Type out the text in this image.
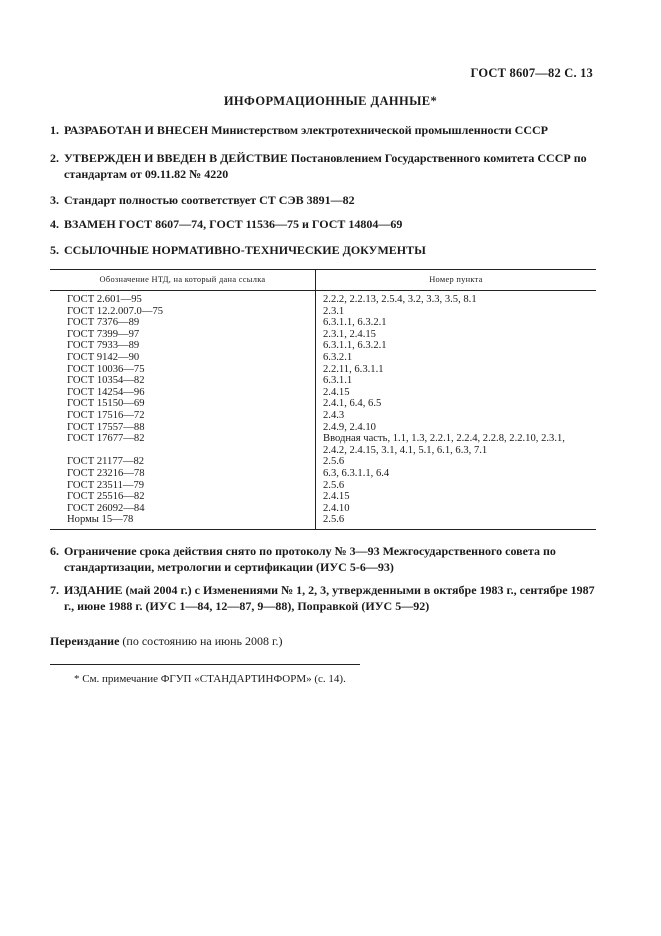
ГОСТ 8607—82 С. 13
ИНФОРМАЦИОННЫЕ ДАННЫЕ*
1. РАЗРАБОТАН И ВНЕСЕН Министерством электротехнической промышленности СССР
2. УТВЕРЖДЕН И ВВЕДЕН В ДЕЙСТВИЕ Постановлением Государственного комитета СССР по стандартам от 09.11.82 № 4220
3. Стандарт полностью соответствует СТ СЭВ 3891—82
4. ВЗАМЕН ГОСТ 8607—74, ГОСТ 11536—75 и ГОСТ 14804—69
5. ССЫЛОЧНЫЕ НОРМАТИВНО-ТЕХНИЧЕСКИЕ ДОКУМЕНТЫ
Обозначение НТД, на который дана ссылка	Номер пункта
ГОСТ 2.601—95	2.2.2, 2.2.13, 2.5.4, 3.2, 3.3, 3.5, 8.1
ГОСТ 12.2.007.0—75	2.3.1
ГОСТ 7376—89	6.3.1.1, 6.3.2.1
ГОСТ 7399—97	2.3.1, 2.4.15
ГОСТ 7933—89	6.3.1.1, 6.3.2.1
ГОСТ 9142—90	6.3.2.1
ГОСТ 10036—75	2.2.11, 6.3.1.1
ГОСТ 10354—82	6.3.1.1
ГОСТ 14254—96	2.4.15
ГОСТ 15150—69	2.4.1, 6.4, 6.5
ГОСТ 17516—72	2.4.3
ГОСТ 17557—88	2.4.9, 2.4.10
ГОСТ 17677—82	Вводная часть, 1.1, 1.3, 2.2.1, 2.2.4, 2.2.8, 2.2.10, 2.3.1, 2.4.2, 2.4.15, 3.1, 4.1, 5.1, 6.1, 6.3, 7.1
ГОСТ 21177—82	2.5.6
ГОСТ 23216—78	6.3, 6.3.1.1, 6.4
ГОСТ 23511—79	2.5.6
ГОСТ 25516—82	2.4.15
ГОСТ 26092—84	2.4.10
Нормы 15—78	2.5.6
6. Ограничение срока действия снято по протоколу № 3—93 Межгосударственного совета по стандартизации, метрологии и сертификации (ИУС 5-6—93)
7. ИЗДАНИЕ (май 2004 г.) с Изменениями № 1, 2, 3, утвержденными в октябре 1983 г., сентябре 1987 г., июне 1988 г. (ИУС 1—84, 12—87, 9—88), Поправкой (ИУС 5—92)
Переиздание (по состоянию на июнь 2008 г.)
* См. примечание ФГУП «СТАНДАРТИНФОРМ» (с. 14).
